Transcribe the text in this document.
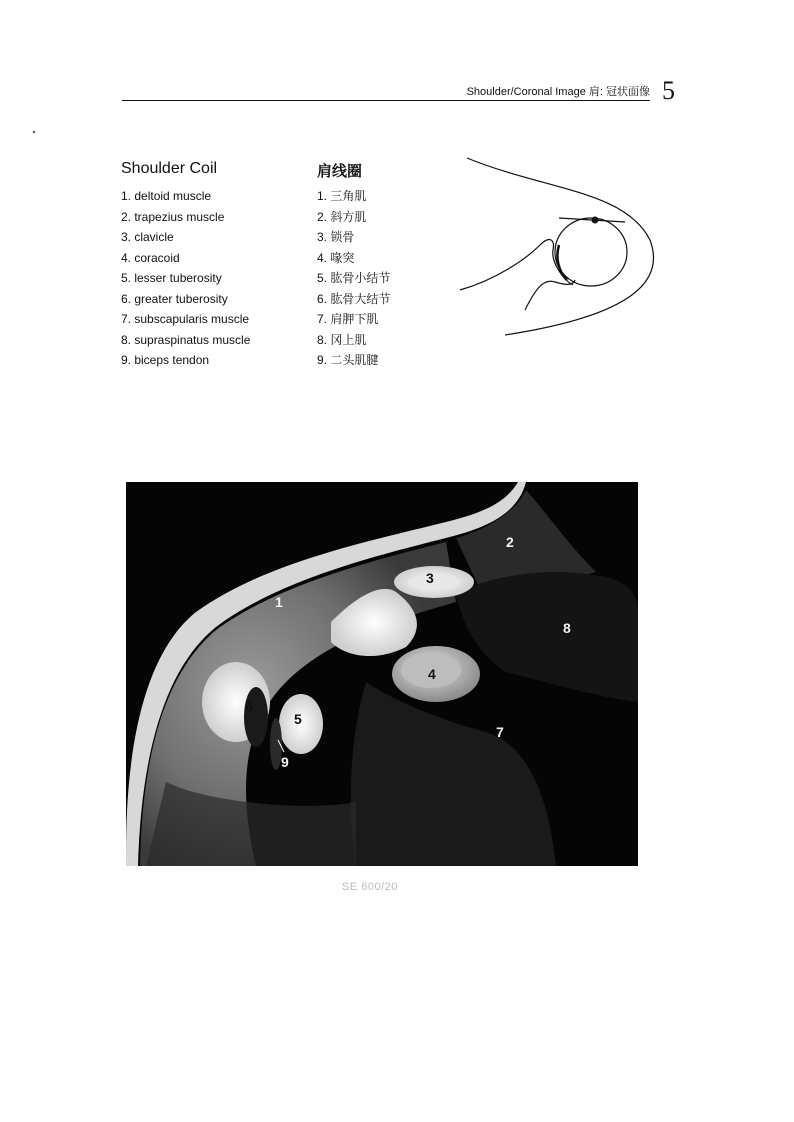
Shoulder/Coronal Image 肩: 冠状面像 5
Shoulder Coil	肩线圈
1. deltoid muscle
2. trapezius muscle
3. clavicle
4. coracoid
5. lesser tuberosity
6. greater tuberosity
7. subscapularis muscle
8. supraspinatus muscle
9. biceps tendon
1. 三角肌
2. 斜方肌
3. 锁骨
4. 喙突
5. 肱骨小结节
6. 肱骨大结节
7. 肩胛下肌
8. 冈上肌
9. 二头肌腱
1
2
3
4
5
6
7
8
9
SE 600/20
